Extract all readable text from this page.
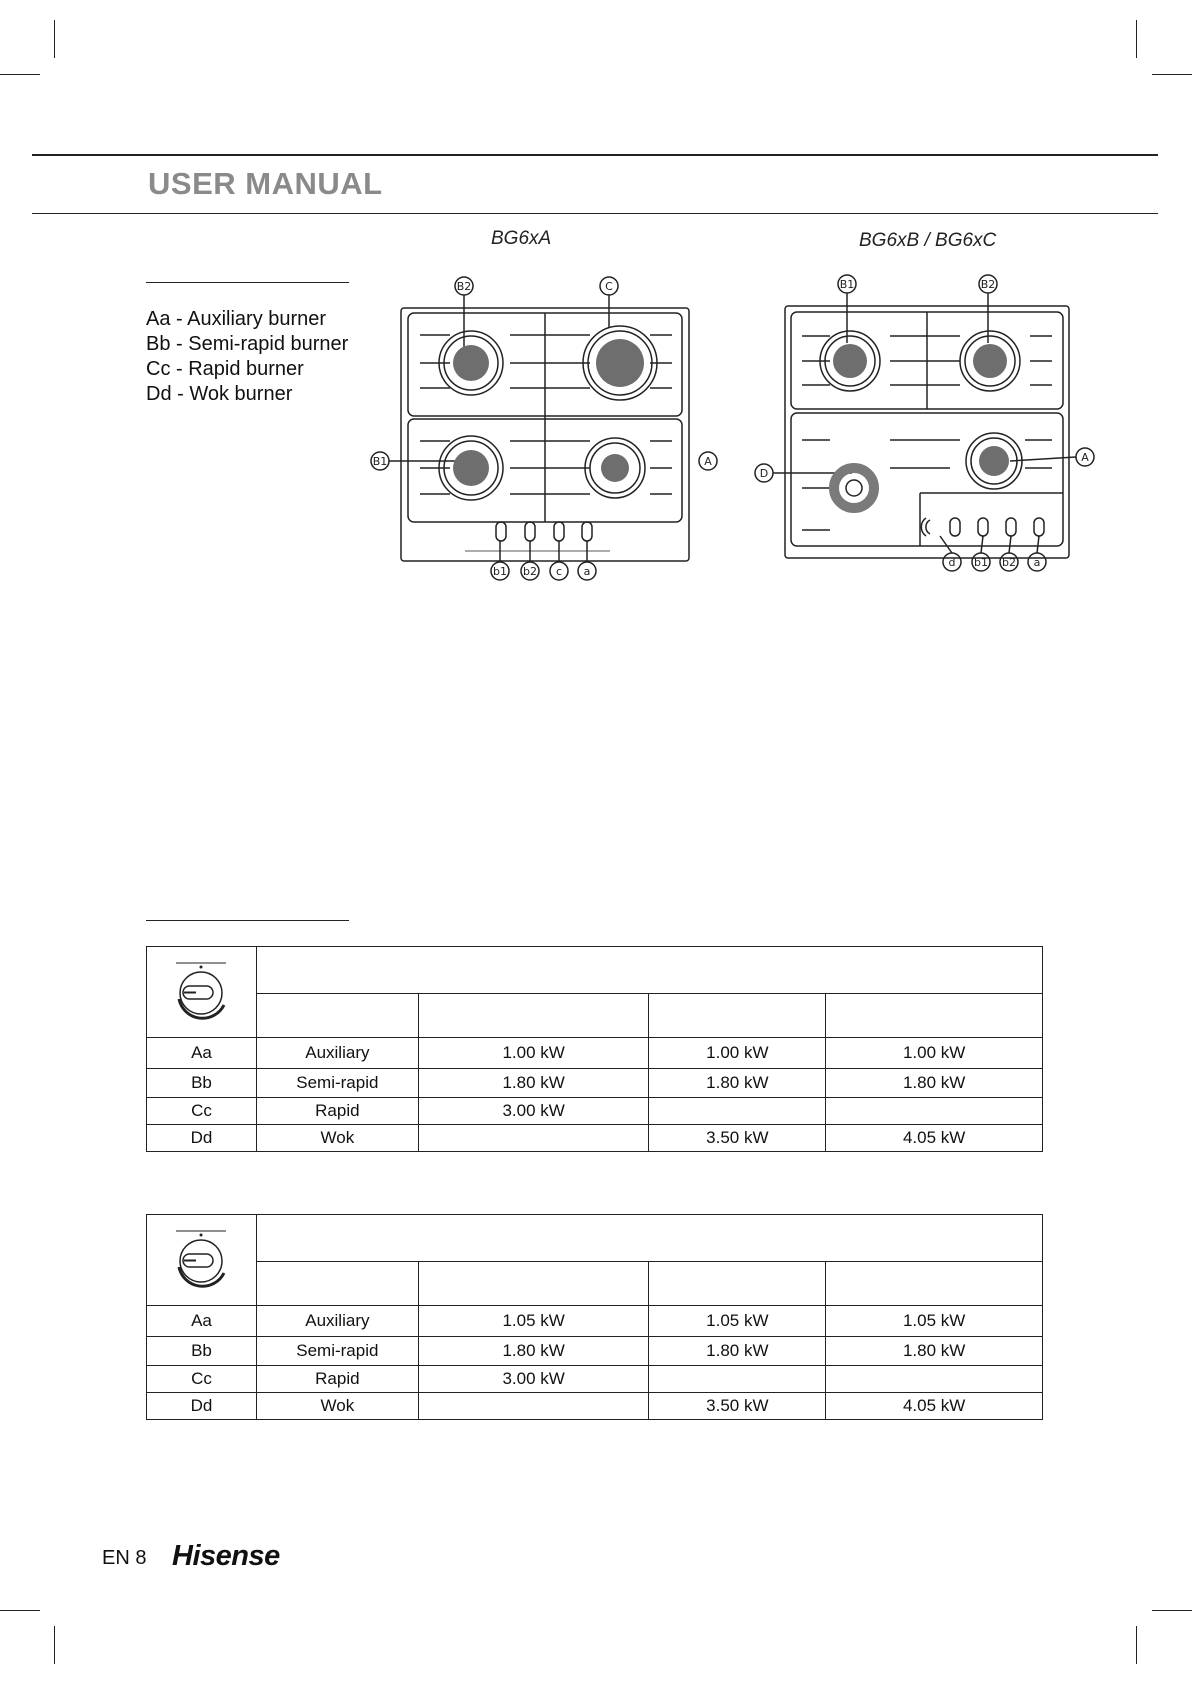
USER MANUAL
BG6xA	BG6xB / BG6xC
Aa - Auxiliary burner
Bb - Semi-rapid burner
Cc - Rapid burner
Dd - Wok burner
B2	C
B1	A
b1 b2 c a
B1	B2
D
A
d b1 b2 a

Aa	Auxiliary	1.00 kW	1.00 kW	1.00 kW
Bb	Semi-rapid	1.80 kW	1.80 kW	1.80 kW
Cc	Rapid	3.00 kW		
Dd	Wok		3.50 kW	4.05 kW

Aa	Auxiliary	1.05 kW	1.05 kW	1.05 kW
Bb	Semi-rapid	1.80 kW	1.80 kW	1.80 kW
Cc	Rapid	3.00 kW		
Dd	Wok		3.50 kW	4.05 kW
EN 8 Hisense
